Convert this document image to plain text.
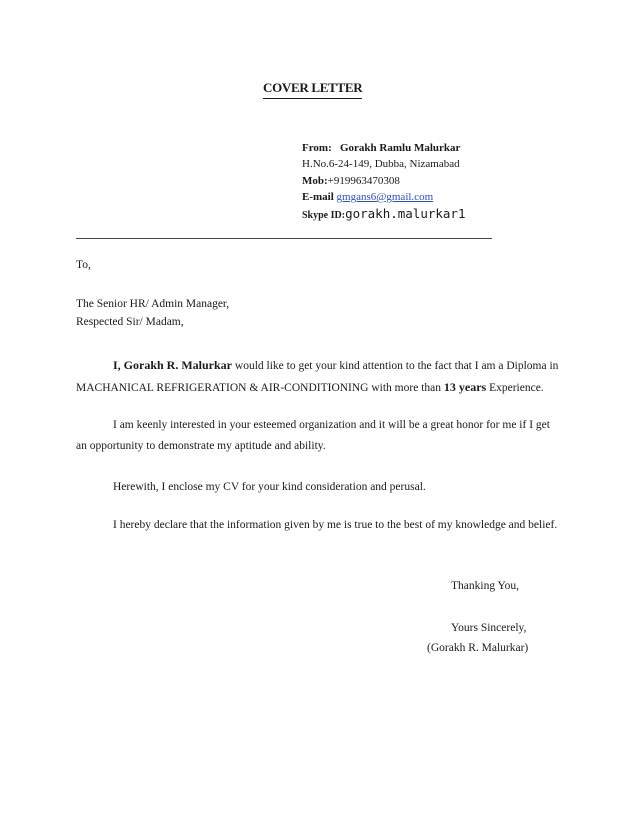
COVER LETTER
From: Gorakh Ramlu Malurkar
H.No.6-24-149, Dubba, Nizamabad
Mob:+919963470308
E-mail gmgans6@gmail.com
Skype ID:gorakh.malurkar1
To,
The Senior HR/ Admin Manager,
Respected Sir/ Madam,
I, Gorakh R. Malurkar would like to get your kind attention to the fact that I am a Diploma in
MACHANICAL REFRIGERATION & AIR-CONDITIONING with more than 13 years Experience.
I am keenly interested in your esteemed organization and it will be a great honor for me if I get
an opportunity to demonstrate my aptitude and ability.
Herewith, I enclose my CV for your kind consideration and perusal.
I hereby declare that the information given by me is true to the best of my knowledge and belief.
Thanking You,
Yours Sincerely,
(Gorakh R. Malurkar)
